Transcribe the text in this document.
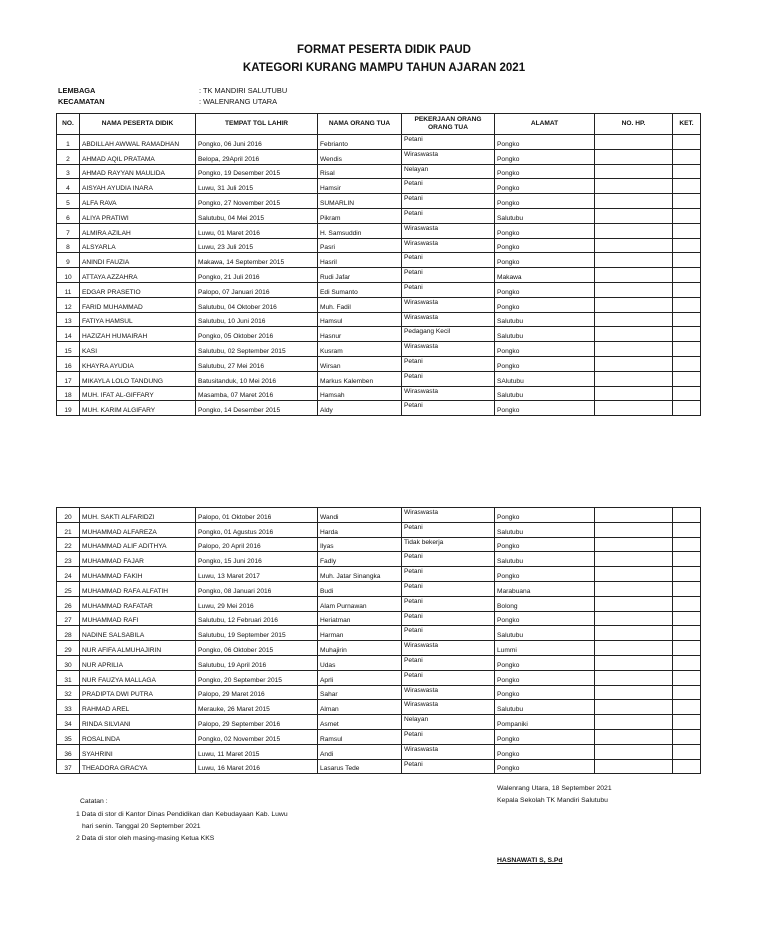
FORMAT PESERTA DIDIK PAUD
KATEGORI KURANG MAMPU TAHUN AJARAN 2021
LEMBAGA	: TK MANDIRI SALUTUBU
KECAMATAN	: WALENRANG UTARA
NO.	NAMA PESERTA DIDIK	TEMPAT TGL LAHIR	NAMA ORANG TUA	PEKERJAAN ORANG ORANG TUA	ALAMAT	NO. HP.	KET.
1	ABDILLAH AWWAL RAMADHAN	Pongko, 06 Juni 2016	Febrianto	Petani	Pongko		
2	AHMAD AQIL PRATAMA	Belopa, 29April 2016	Wendis	Wiraswasta	Pongko		
3	AHMAD RAYYAN MAULIDA	Pongko, 19 Desember 2015	Risal	Nelayan	Pongko		
4	AISYAH AYUDIA INARA	Luwu, 31 Juli 2015	Hamsir	Petani	Pongko		
5	ALFA RAVA	Pongko, 27 November 2015	SUMARLIN	Petani	Pongko		
6	ALIYA PRATIWI	Salutubu, 04 Mei 2015	Pikram	Petani	Salutubu		
7	ALMIRA AZILAH	Luwu, 01 Maret 2016	H. Samsuddin	Wiraswasta	Pongko		
8	ALSYARLA	Luwu, 23 Juli 2015	Pasri	Wiraswasta	Pongko		
9	ANINDI FAUZIA	Makawa, 14 September 2015	Hasril	Petani	Pongko		
10	ATTAYA AZZAHRA	Pongko, 21 Juli 2016	Rudi Jafar	Petani	Makawa		
11	EDGAR PRASETIO	Palopo, 07 Januari 2016	Edi Sumanto	Petani	Pongko		
12	FARID MUHAMMAD	Salutubu, 04 Oktober 2016	Muh. Fadil	Wiraswasta	Pongko		
13	FATIYA HAMSUL	Salutubu, 10 Juni 2016	Hamsul	Wiraswasta	Salutubu		
14	HAZIZAH HUMAIRAH	Pongko, 05 Oktober 2016	Hasnur	Pedagang Kecil	Salutubu		
15	KASI	Salutubu, 02 September 2015	Kusram	Wiraswasta	Pongko		
16	KHAYRA AYUDIA	Salutubu, 27 Mei 2016	Wirsan	Petani	Pongko		
17	MIKAYLA LOLO TANDUNG	Batusitanduk, 10 Mei 2016	Markus Kalemben	Petani	SAlutubu		
18	MUH. IFAT AL-GIFFARY	Masamba, 07 Maret 2016	Hamsah	Wiraswasta	Salutubu		
19	MUH. KARIM ALGIFARY	Pongko, 14 Desember 2015	Aldy	Petani	Pongko		
20	MUH. SAKTI ALFARIDZI	Palopo, 01 Oktober 2016	Wandi	Wiraswasta	Pongko		
21	MUHAMMAD ALFAREZA	Pongko, 01 Agustus 2016	Harda	Petani	Salutubu		
22	MUHAMMAD ALIF ADITHYA	Palopo, 20 April 2016	Ilyas	Tidak bekerja	Pongko		
23	MUHAMMAD FAJAR	Pongko, 15 Juni 2016	Fadly	Petani	Salutubu		
24	MUHAMMAD FAKIH	Luwu, 13 Maret 2017	Muh. Jatar Sinangka	Petani	Pongko		
25	MUHAMMAD RAFA ALFATIH	Pongko, 08 Januari 2016	Budi	Petani	Marabuana		
26	MUHAMMAD RAFATAR	Luwu, 29 Mei 2016	Alam Purnawan	Petani	Bolong		
27	MUHAMMAD RAFI	Salutubu, 12 Februari 2016	Heriatman	Petani	Pongko		
28	NADINE SALSABILA	Salutubu, 19 September 2015	Harman	Petani	Salutubu		
29	NUR AFIFA ALMUHAJIRIN	Pongko, 06 Oktober 2015	Muhajirin	Wiraswasta	Lummi		
30	NUR APRILIA	Salutubu, 19 April 2016	Udas	Petani	Pongko		
31	NUR FAUZYA MALLAGA	Pongko, 20 September 2015	Aprli	Petani	Pongko		
32	PRADIPTA DWI PUTRA	Palopo, 29 Maret 2016	Sahar	Wiraswasta	Pongko		
33	RAHMAD AREL	Merauke, 26 Maret 2015	Alman	Wiraswasta	Salutubu		
34	RINDA SILVIANI	Palopo, 29 September 2016	Asmet	Nelayan	Pompaniki		
35	ROSALINDA	Pongko, 02 November 2015	Ramsul	Petani	Pongko		
36	SYAHRINI	Luwu, 11 Maret 2015	Andi	Wiraswasta	Pongko		
37	THEADORA GRACYA	Luwu, 16 Maret 2016	Lasarus Tede	Petani	Pongko		
Catatan :
1 Data di stor di Kantor Dinas Pendidikan dan Kebudayaan Kab. Luwu
hari senin. Tanggal 20 September 2021
2 Data di stor oleh masing-masing Ketua KKS
Walenrang Utara, 18 September 2021
Kepala Sekolah TK Mandiri Salutubu
HASNAWATI S, S.Pd
